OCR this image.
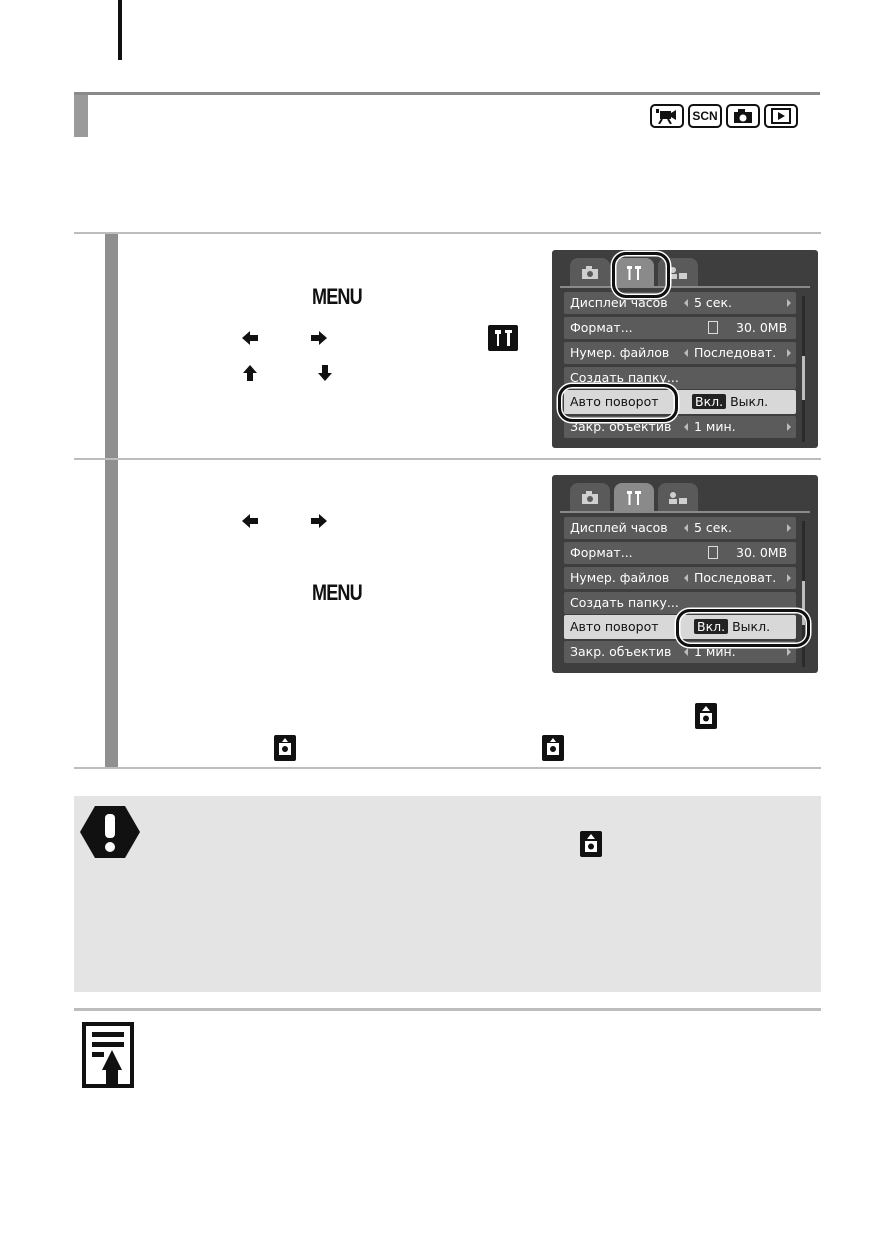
SCN
MENU	Дисплей часов 5 сек.
Формат...	30. 0MB
Нумер. файлов Последоват.
Создать папку...
Авто поворот	Вкл. Выкл.
Закр. объектив 1 мин.
MENU
Дисплей часов 5 сек.
Формат...	30. 0MB
Нумер. файлов Последоват.
Создать папку...
Авто поворот	Вкл. Выкл.
Закр. объектив 1 мин.
